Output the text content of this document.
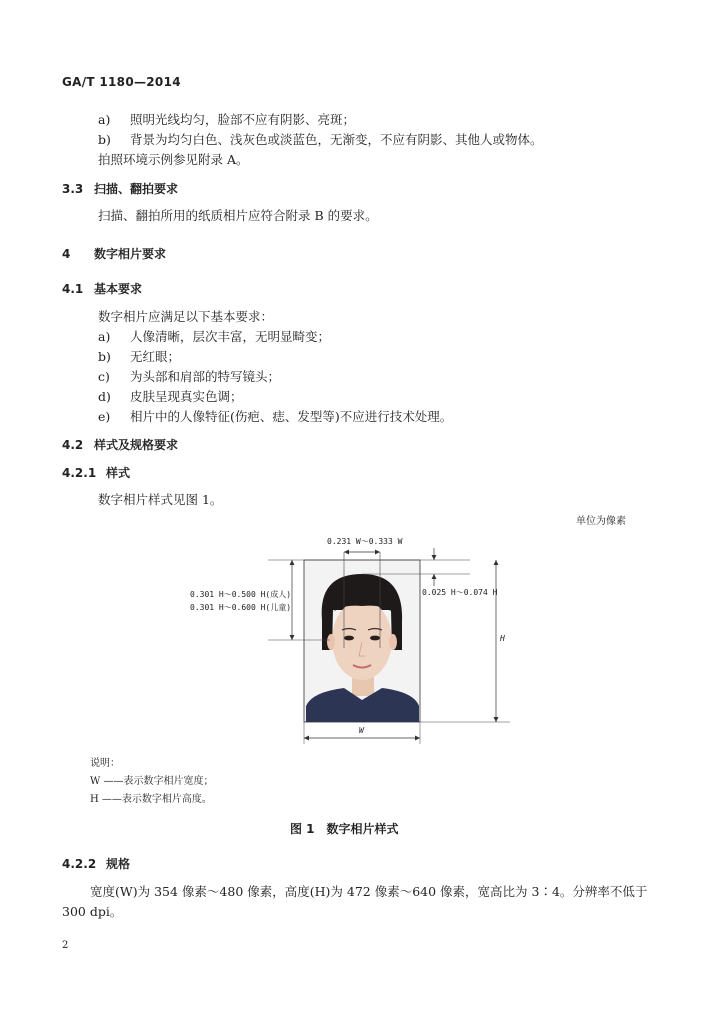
GA/T 1180—2014
a) 照明光线均匀，脸部不应有阴影、亮斑；
b) 背景为均匀白色、浅灰色或淡蓝色，无渐变，不应有阴影、其他人或物体。
拍照环境示例参见附录 A。
3.3 扫描、翻拍要求
扫描、翻拍所用的纸质相片应符合附录 B 的要求。
4 数字相片要求
4.1 基本要求
数字相片应满足以下基本要求：
a) 人像清晰，层次丰富，无明显畸变；
b) 无红眼；
c) 为头部和肩部的特写镜头；
d) 皮肤呈现真实色调；
e) 相片中的人像特征(伤疤、痣、发型等)不应进行技术处理。
4.2 样式及规格要求
4.2.1 样式
数字相片样式见图 1。
单位为像素
0.231 W～0.333 W
0.025 H～0.074 H
0.301 H～0.500 H(成人)
0.301 H～0.600 H(儿童)
H
W
说明：
W ——表示数字相片宽度；
H ——表示数字相片高度。
图 1　数字相片样式
4.2.2 规格
宽度(W)为 354 像素～480 像素，高度(H)为 472 像素～640 像素，宽高比为 3∶4。分辨率不低于
300 dpi。
2
